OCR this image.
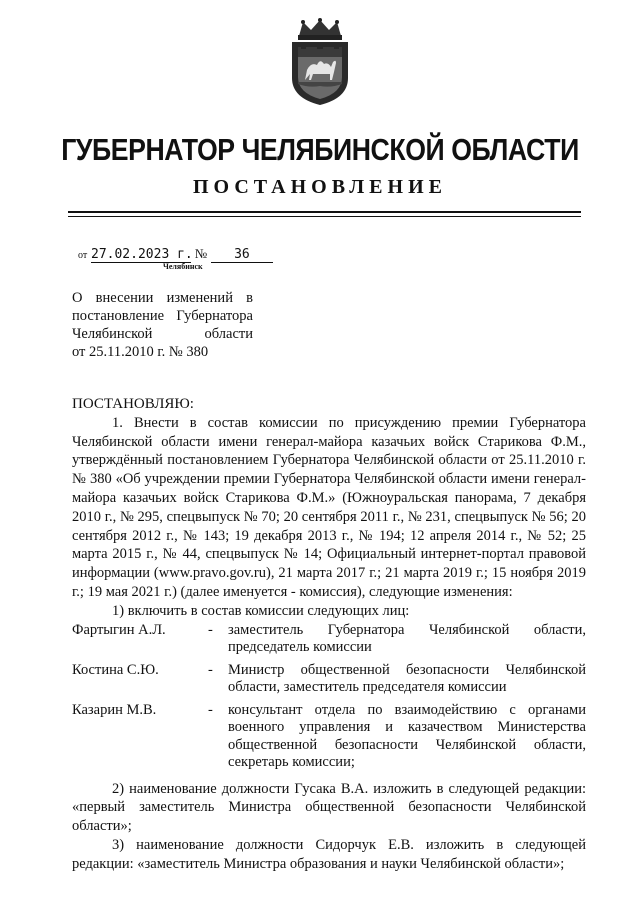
ГУБЕРНАТОР ЧЕЛЯБИНСКОЙ ОБЛАСТИ
ПОСТАНОВЛЕНИЕ
от 27.02.2023 г. № 36
Челябинск
О внесении изменений в
постановление Губернатора
Челябинской области
от 25.11.2010 г. № 380

ПОСТАНОВЛЯЮ:

1. Внести в состав комиссии по присуждению премии Губернатора Челябинской области имени генерал-майора казачьих войск Старикова Ф.М., утверждённый постановлением Губернатора Челябинской области от 25.11.2010 г. № 380 «Об учреждении премии Губернатора Челябинской области имени генерал-майора казачьих войск Старикова Ф.М.» (Южноуральская панорама, 7 декабря 2010 г., № 295, спецвыпуск № 70; 20 сентября 2011 г., № 231, спецвыпуск № 56; 20 сентября 2012 г., № 143; 19 декабря 2013 г., № 194; 12 апреля 2014 г., № 52; 25 марта 2015 г., № 44, спецвыпуск № 14; Официальный интернет-портал правовой информации (www.pravo.gov.ru), 21 марта 2017 г.; 21 марта 2019 г.; 15 ноября 2019 г.; 19 мая 2021 г.) (далее именуется - комиссия), следующие изменения:

1) включить в состав комиссии следующих лиц:

Фартыгин А.Л.	-	заместитель Губернатора Челябинской области, председатель комиссии
Костина С.Ю.	-	Министр общественной безопасности Челябинской области, заместитель председателя комиссии
Казарин М.В.	-	консультант отдела по взаимодействию с органами военного управления и казачеством Министерства общественной безопасности Челябинской области, секретарь комиссии;

2) наименование должности Гусака В.А. изложить в следующей редакции: «первый заместитель Министра общественной безопасности Челябинской области»;

3) наименование должности Сидорчук Е.В. изложить в следующей редакции: «заместитель Министра образования и науки Челябинской области»;
